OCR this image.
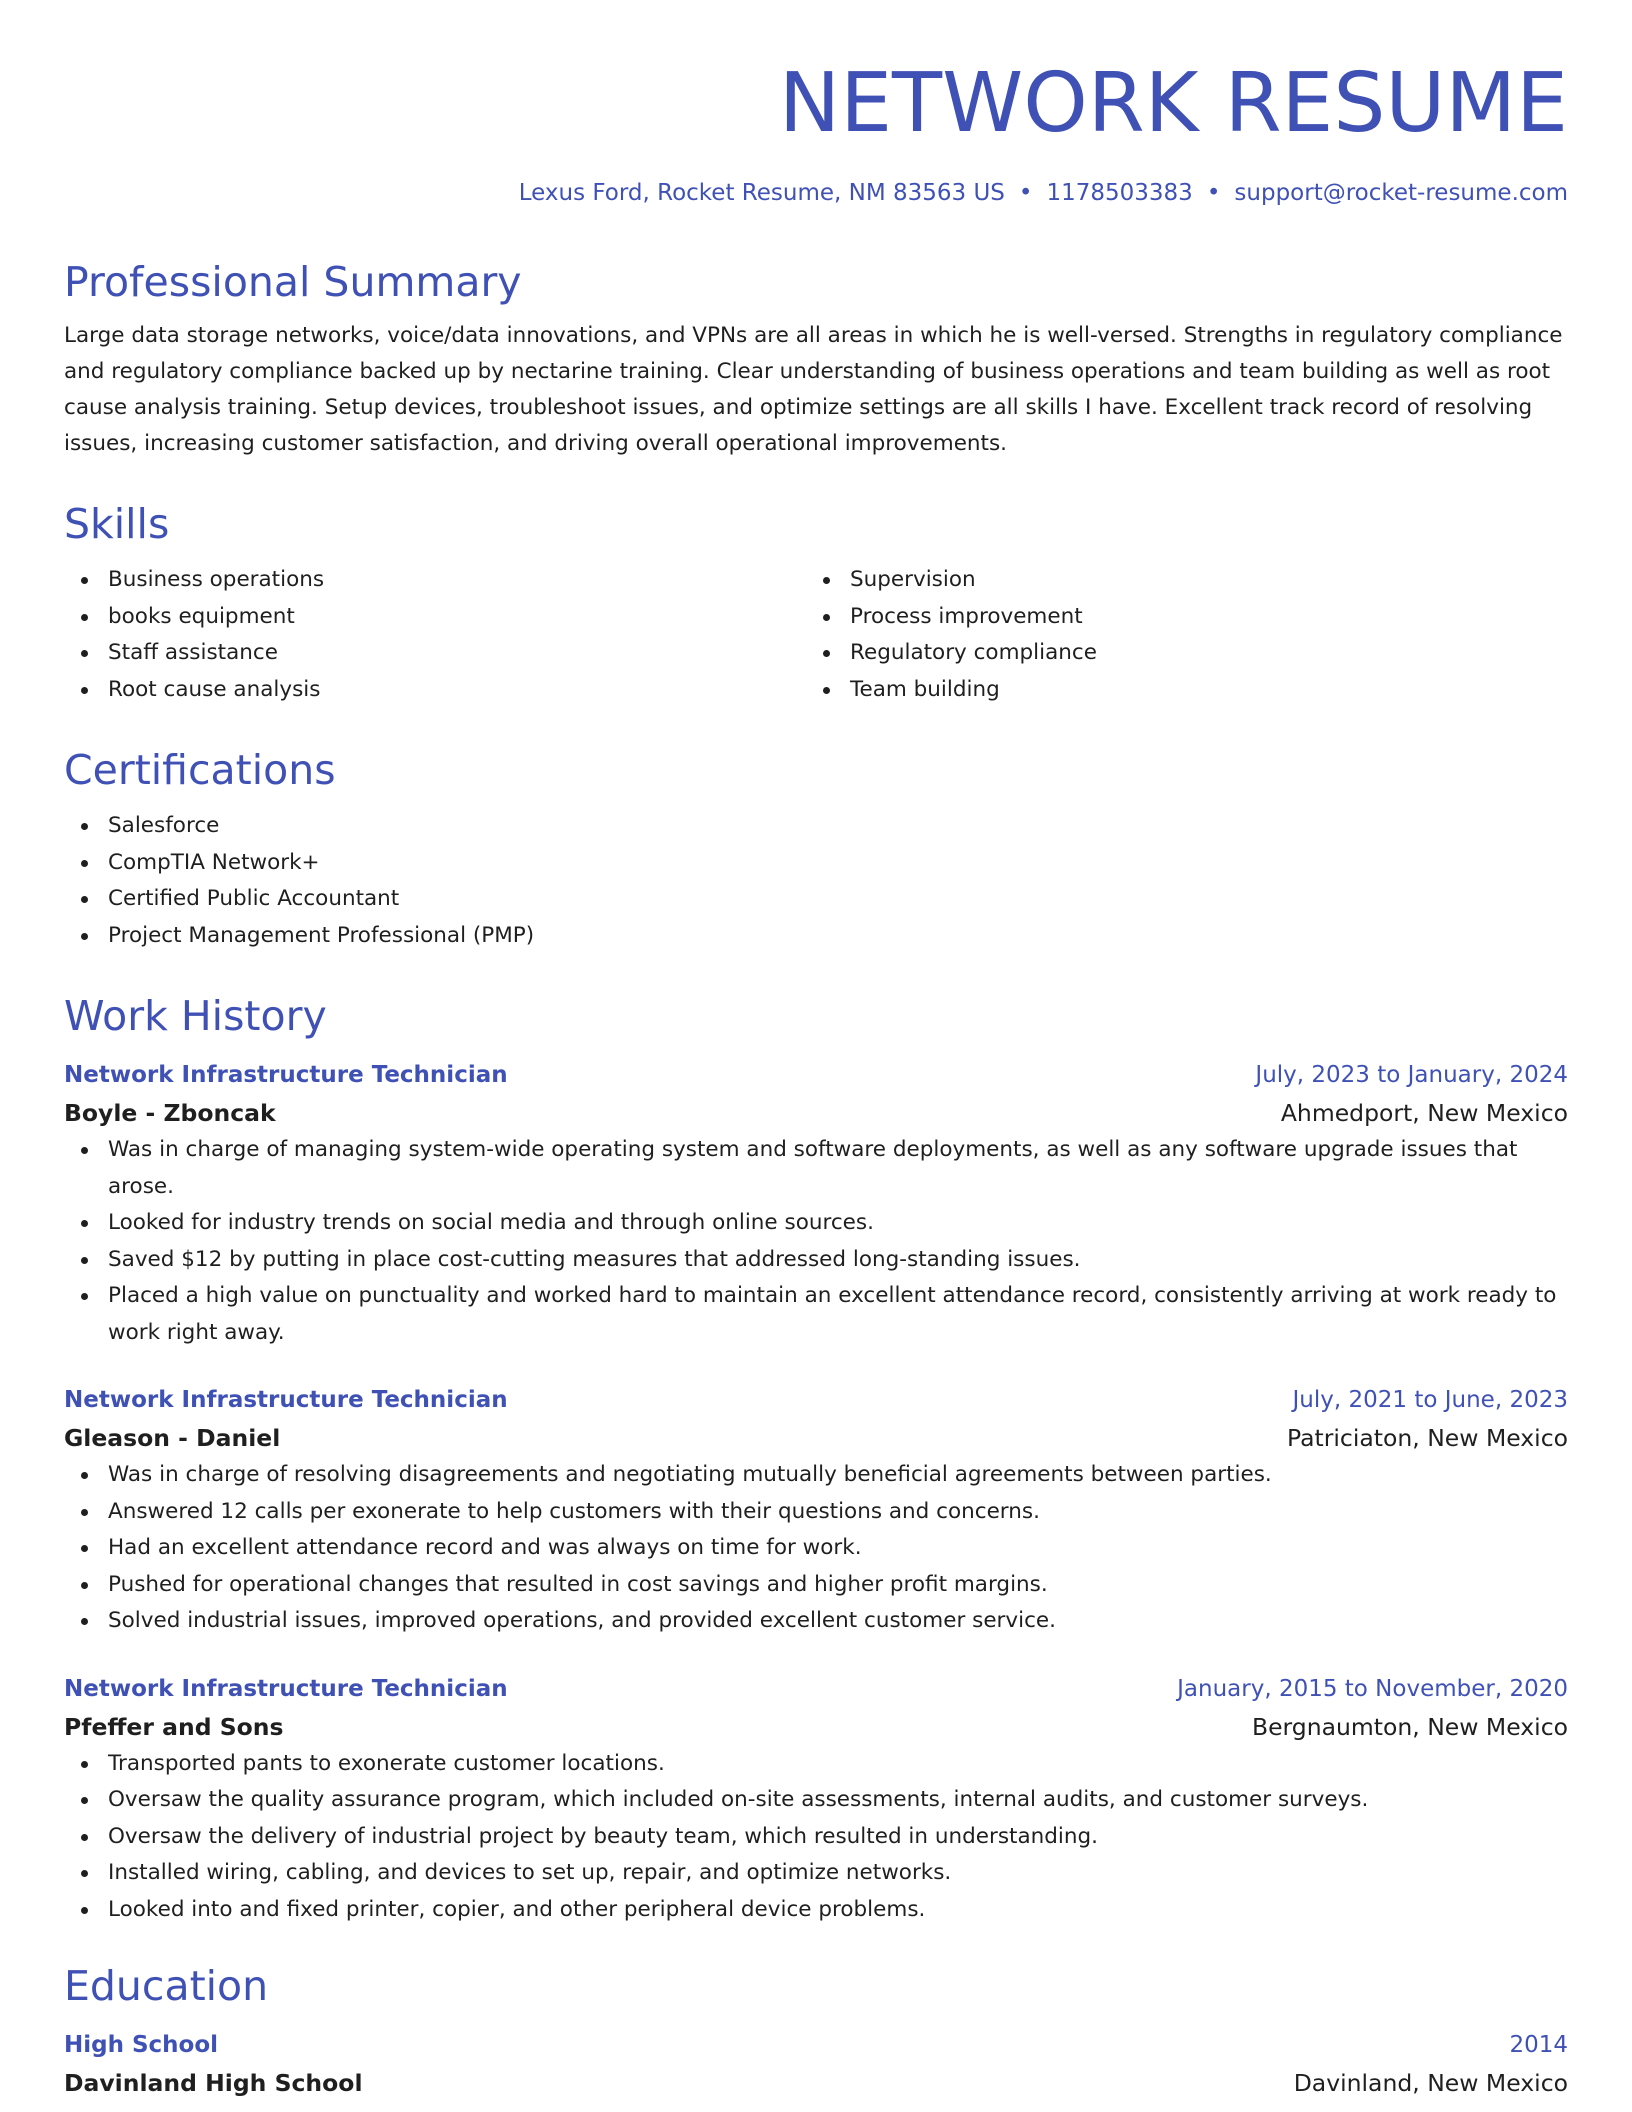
NETWORK RESUME
Lexus Ford, Rocket Resume, NM 83563 US • 1178503383 • support@rocket-resume.com
Professional Summary

Large data storage networks, voice/data innovations, and VPNs are all areas in which he is well-versed. Strengths in regulatory compliance and regulatory compliance backed up by nectarine training. Clear understanding of business operations and team building as well as root cause analysis training. Setup devices, troubleshoot issues, and optimize settings are all skills I have. Excellent track record of resolving issues, increasing customer satisfaction, and driving overall operational improvements.

Skills
Business operations
books equipment
Staff assistance
Root cause analysis
Supervision
Process improvement
Regulatory compliance
Team building
Certifications
Salesforce
CompTIA Network+
Certified Public Accountant
Project Management Professional (PMP)
Work History
Network Infrastructure Technician	July, 2023 to January, 2024
Boyle - Zboncak	Ahmedport, New Mexico
Was in charge of managing system-wide operating system and software deployments, as well as any software upgrade issues that arose.
Looked for industry trends on social media and through online sources.
Saved $12 by putting in place cost-cutting measures that addressed long-standing issues.
Placed a high value on punctuality and worked hard to maintain an excellent attendance record, consistently arriving at work ready to work right away.
Network Infrastructure Technician	July, 2021 to June, 2023
Gleason - Daniel	Patriciaton, New Mexico
Was in charge of resolving disagreements and negotiating mutually beneficial agreements between parties.
Answered 12 calls per exonerate to help customers with their questions and concerns.
Had an excellent attendance record and was always on time for work.
Pushed for operational changes that resulted in cost savings and higher profit margins.
Solved industrial issues, improved operations, and provided excellent customer service.
Network Infrastructure Technician	January, 2015 to November, 2020
Pfeffer and Sons	Bergnaumton, New Mexico
Transported pants to exonerate customer locations.
Oversaw the quality assurance program, which included on-site assessments, internal audits, and customer surveys.
Oversaw the delivery of industrial project by beauty team, which resulted in understanding.
Installed wiring, cabling, and devices to set up, repair, and optimize networks.
Looked into and fixed printer, copier, and other peripheral device problems.
Education
High School	2014
Davinland High School	Davinland, New Mexico
